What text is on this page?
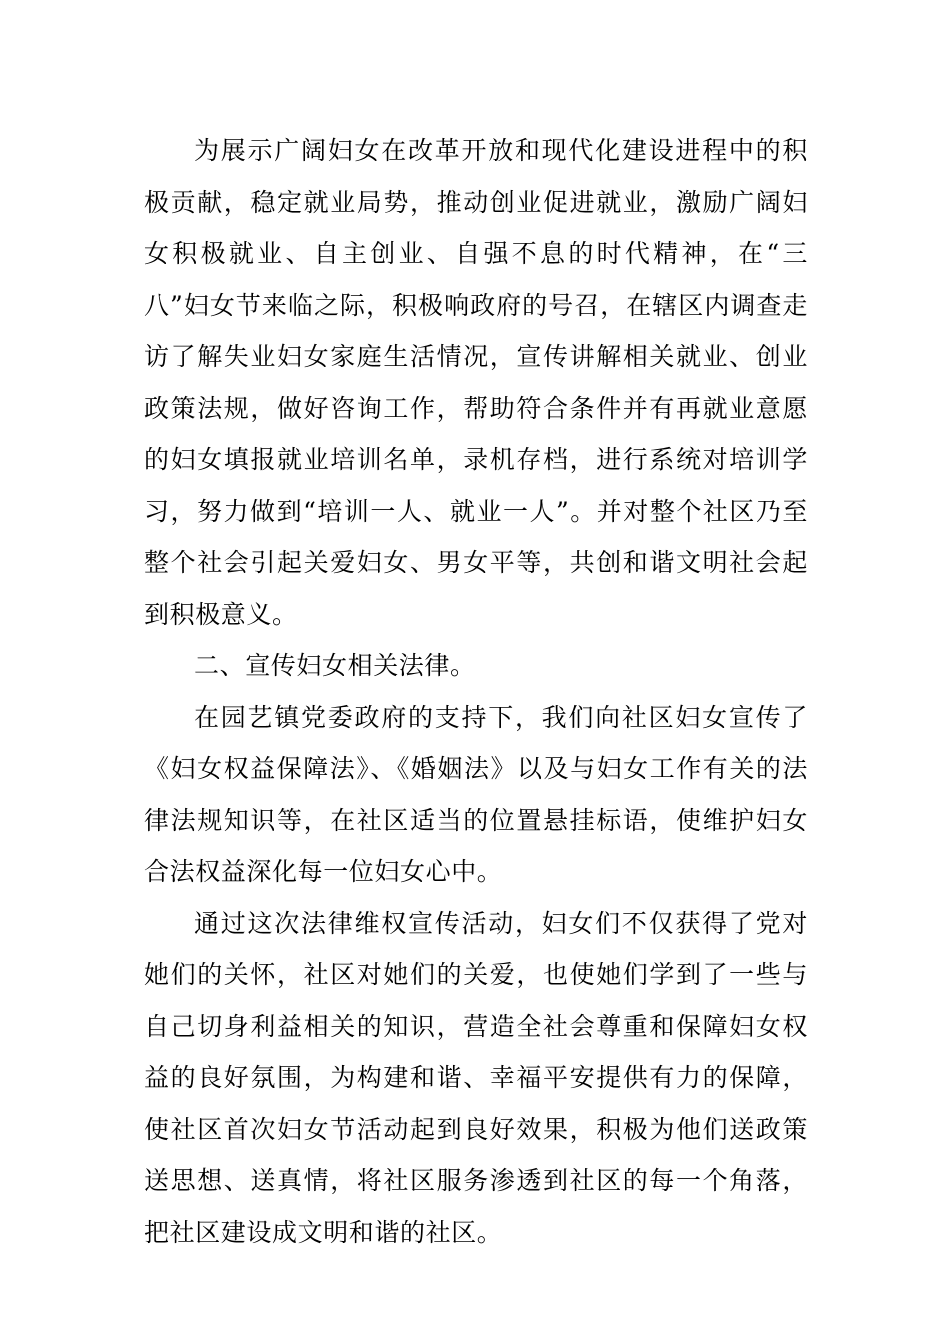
为展示广阔妇女在改革开放和现代化建设进程中的积极贡献，稳定就业局势，推动创业促进就业，激励广阔妇女积极就业、自主创业、自强不息的时代精神，在“三八”妇女节来临之际，积极响政府的号召，在辖区内调查走访了解失业妇女家庭生活情况，宣传讲解相关就业、创业政策法规，做好咨询工作，帮助符合条件并有再就业意愿的妇女填报就业培训名单，录机存档，进行系统对培训学习，努力做到“培训一人、就业一人”。并对整个社区乃至整个社会引起关爱妇女、男女平等，共创和谐文明社会起到积极意义。

二、宣传妇女相关法律。

在园艺镇党委政府的支持下，我们向社区妇女宣传了《妇女权益保障法》、《婚姻法》以及与妇女工作有关的法律法规知识等，在社区适当的位置悬挂标语，使维护妇女合法权益深化每一位妇女心中。

通过这次法律维权宣传活动，妇女们不仅获得了党对她们的关怀，社区对她们的关爱，也使她们学到了一些与自己切身利益相关的知识，营造全社会尊重和保障妇女权益的良好氛围，为构建和谐、幸福平安提供有力的保障，使社区首次妇女节活动起到良好效果，积极为他们送政策送思想、送真情，将社区服务渗透到社区的每一个角落，把社区建设成文明和谐的社区。
